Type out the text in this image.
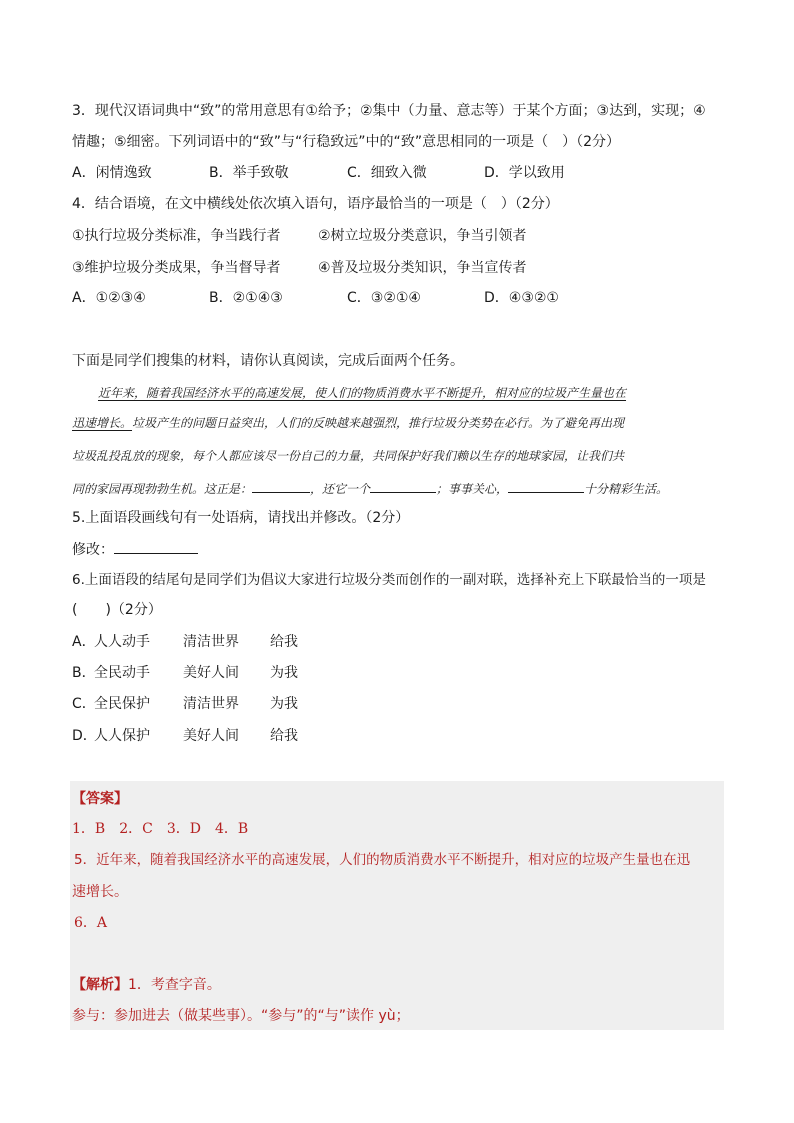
3．现代汉语词典中“致”的常用意思有①给予；②集中（力量、意志等）于某个方面；③达到，实现；④
情趣；⑤细密。下列词语中的“致”与“行稳致远”中的“致”意思相同的一项是（　）（2分）
A．闲情逸致	B．举手致敬	C．细致入微	D．学以致用
4．结合语境，在文中横线处依次填入语句，语序最恰当的一项是（　）（2分）
①执行垃圾分类标准，争当践行者	②树立垃圾分类意识，争当引领者
③维护垃圾分类成果，争当督导者	④普及垃圾分类知识，争当宣传者
A．①②③④	B．②①④③	C．③②①④	D．④③②①
下面是同学们搜集的材料，请你认真阅读，完成后面两个任务。
近年来，随着我国经济水平的高速发展，使人们的物质消费水平不断提升，相对应的垃圾产生量也在
迅速增长。垃圾产生的问题日益突出，人们的反映越来越强烈，推行垃圾分类势在必行。为了避免再出现
垃圾乱投乱放的现象，每个人都应该尽一份自己的力量，共同保护好我们赖以生存的地球家园，让我们共
同的家园再现勃勃生机。这正是：	，还它一个	；事事关心，	十分精彩生活。
5.上面语段画线句有一处语病，请找出并修改。（2分）
修改：
6.上面语段的结尾句是同学们为倡议大家进行垃圾分类而创作的一副对联，选择补充上下联最恰当的一项是
(　　)（2分）
A．
人人动手 清洁世界 给我
B．
全民动手 美好人间 为我
C．
全民保护 清洁世界 为我
D．
人人保护 美好人间 给我
【答案】
1．B　2．C　3．D　4．B
5．近年来，随着我国经济水平的高速发展，人们的物质消费水平不断提升，相对应的垃圾产生量也在迅
速增长。
6．A
【解析】1．考查字音。
参与：参加进去（做某些事）。“参与”的“与”读作 yù；
